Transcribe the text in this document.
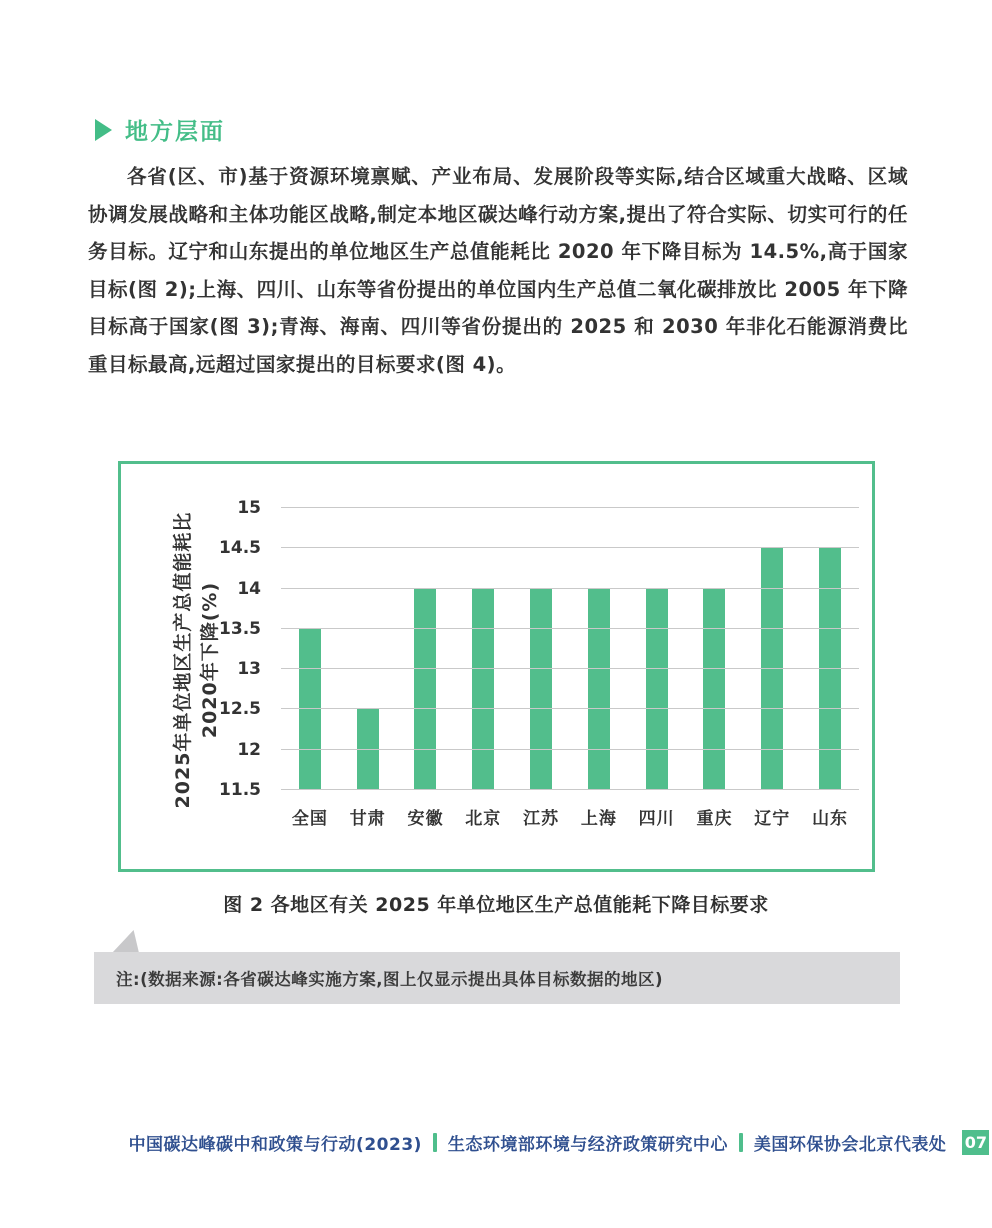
地方层面
各省(区、市)基于资源环境禀赋、产业布局、发展阶段等实际,结合区域重大战略、区域协调发展战略和主体功能区战略,制定本地区碳达峰行动方案,提出了符合实际、切实可行的任务目标。辽宁和山东提出的单位地区生产总值能耗比 2020 年下降目标为 14.5%,高于国家目标(图 2);上海、四川、山东等省份提出的单位国内生产总值二氧化碳排放比 2005 年下降目标高于国家(图 3);青海、海南、四川等省份提出的 2025 和 2030 年非化石能源消费比重目标最高,远超过国家提出的目标要求(图 4)。
2025年单位地区生产总值能耗比 2020年下降(%)
11.5
12
12.5
13
13.5
14
14.5
15
全国	甘肃	安徽	北京	江苏	上海	四川	重庆	辽宁	山东
图 2 各地区有关 2025 年单位地区生产总值能耗下降目标要求
注:(数据来源:各省碳达峰实施方案,图上仅显示提出具体目标数据的地区)
中国碳达峰碳中和政策与行动(2023) 生态环境部环境与经济政策研究中心 美国环保协会北京代表处 07
